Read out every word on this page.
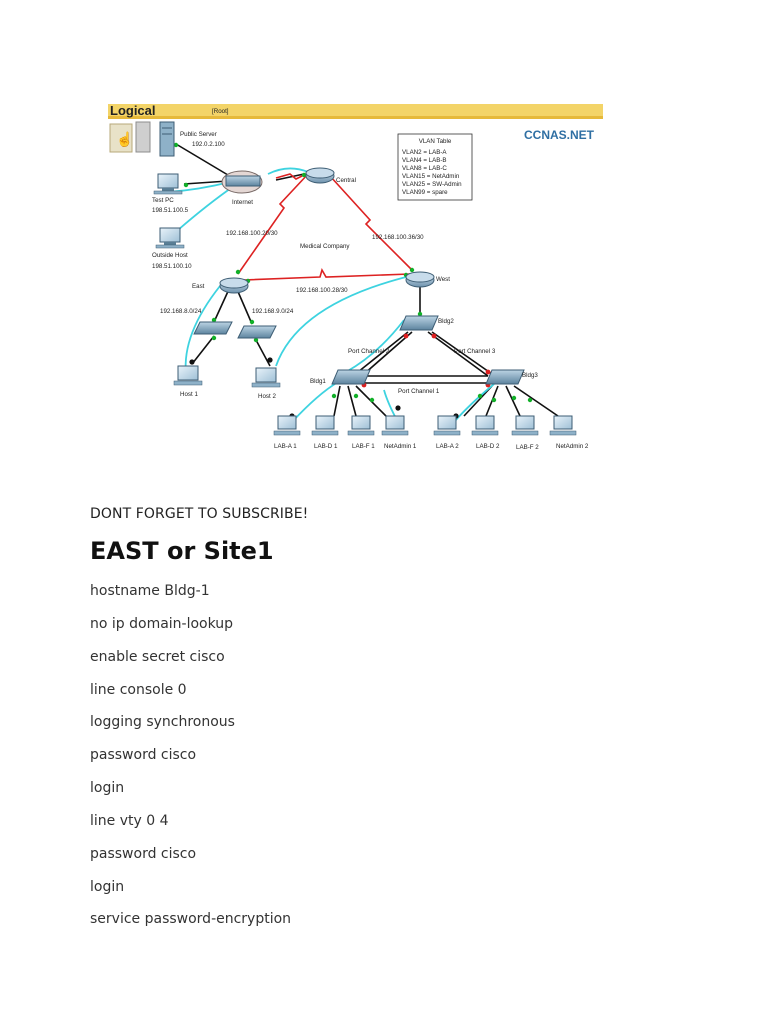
Logical	[Root]
☝	CCNAS.NET
VLAN Table
VLAN2 = LAB-A
VLAN4 = LAB-B
VLAN8 = LAB-C
VLAN15 = NetAdmin
VLAN25 = SW-Admin
VLAN99 = spare
Public Server
192.0.2.100
Test PC
198.51.100.5
Outside Host
198.51.100.10
Internet
Central
East
West
192.168.100.20/30
192.168.100.36/30
Medical Company
192.168.100.28/30
192.168.8.0/24	192.168.9.0/24
Host 1	Host 2
Bldg2
Bldg1
Bldg3
Port Channel 2	Port Channel 3
Port Channel 1
LAB-A 1	LAB-D 1 LAB-F 1 NetAdmin 1	LAB-A 2	LAB-D 2	LAB-F 2	NetAdmin 2

DONT FORGET TO SUBSCRIBE!

EAST or Site1

hostname Bldg-1

no ip domain-lookup

enable secret cisco

line console 0

logging synchronous

password cisco

login

line vty 0 4

password cisco

login

service password-encryption
